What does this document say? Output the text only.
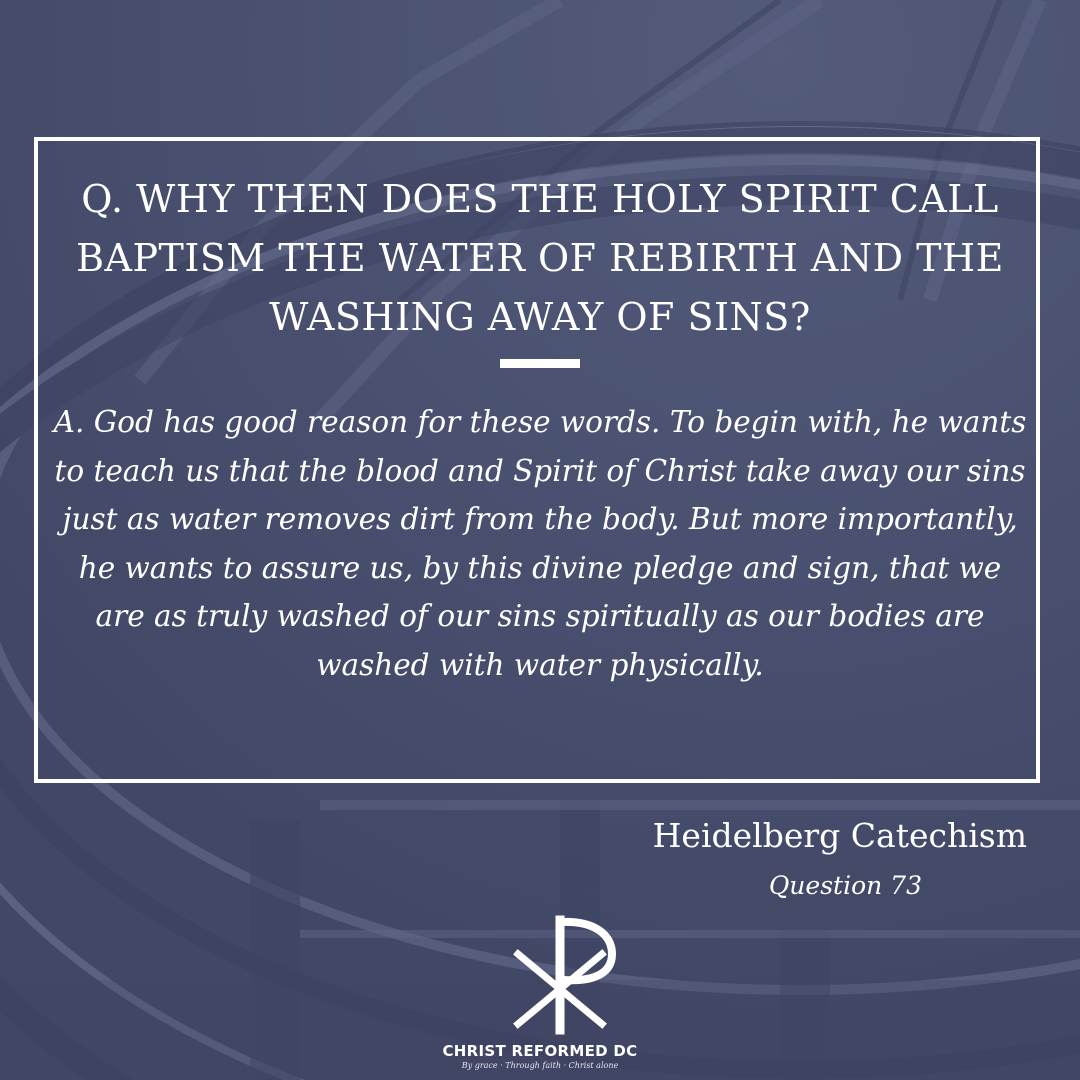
Q. WHY THEN DOES THE HOLY SPIRIT CALL BAPTISM THE WATER OF REBIRTH AND THE WASHING AWAY OF SINS?

A. God has good reason for these words. To begin with, he wants to teach us that the blood and Spirit of Christ take away our sins just as water removes dirt from the body. But more importantly, he wants to assure us, by this divine pledge and sign, that we are as truly washed of our sins spiritually as our bodies are washed with water physically.

Heidelberg Catechism
Question 73
CHRIST REFORMED DC
By grace · Through faith · Christ alone
